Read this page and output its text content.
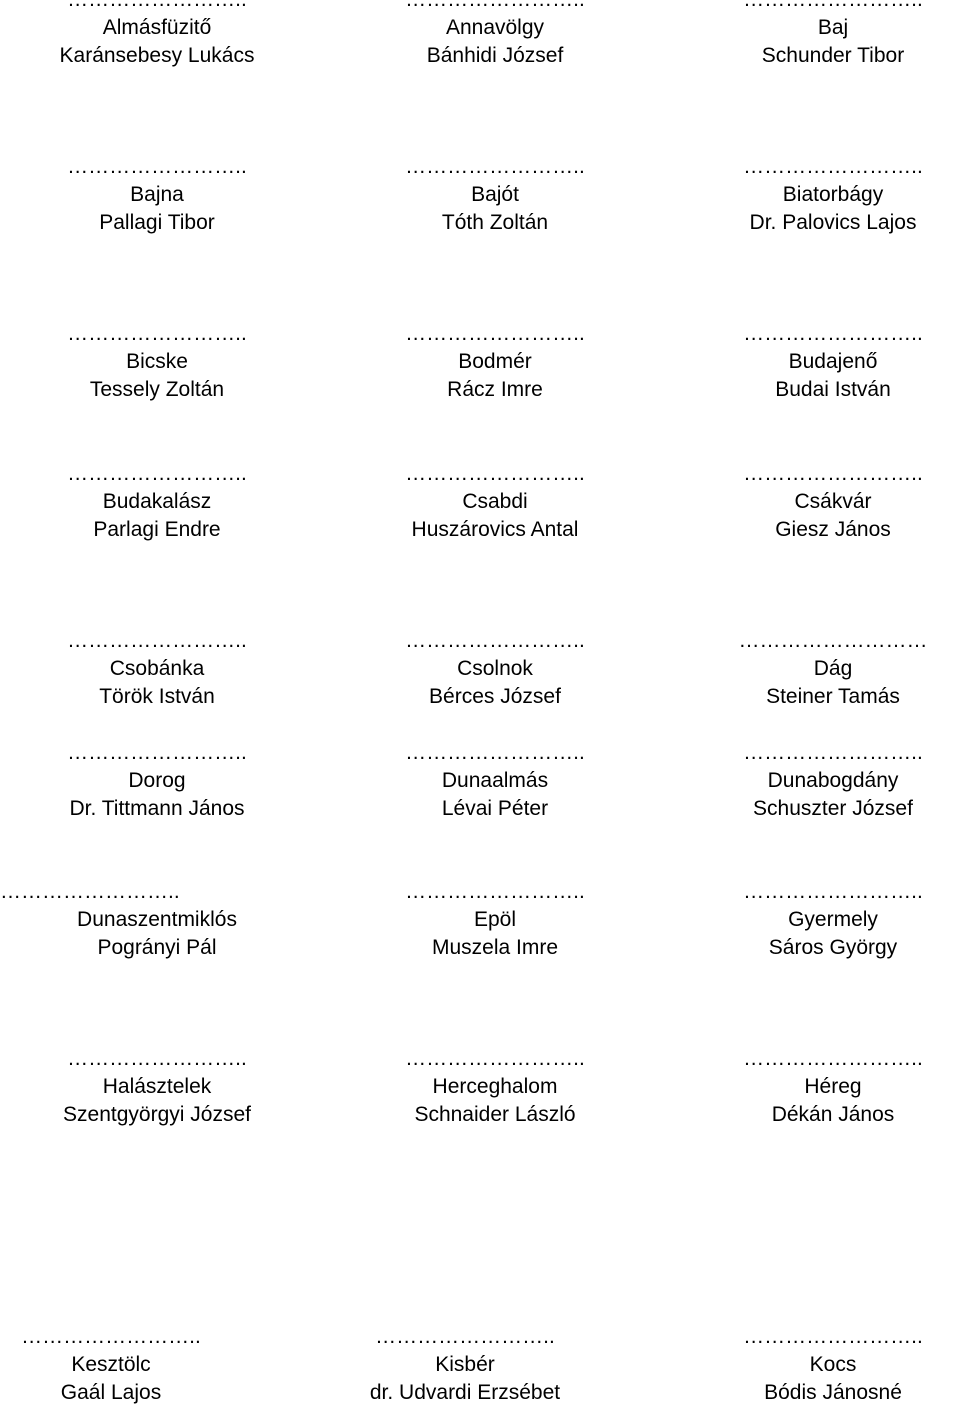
Almásfüzitő
Karánsebesy Lukács
Annavölgy
Bánhidi József
Baj
Schunder Tibor
……………………..
Bajna
Pallagi Tibor
……………………..
Bajót
Tóth Zoltán
……………………..
Biatorbágy
Dr. Palovics Lajos
……………………..
Bicske
Tessely Zoltán
……………………..
Bodmér
Rácz Imre
……………………..
Budajenő
Budai István
……………………..
Budakalász
Parlagi Endre
……………………..
Csabdi
Huszárovics Antal
……………………..
Csákvár
Giesz János
……………………..
Csobánka
Török István
……………………..
Csolnok
Bérces József
………………………
Dág
Steiner Tamás
……………………..
Dorog
Dr. Tittmann János
……………………..
Dunaalmás
Lévai Péter
……………………..
Dunabogdány
Schuszter József
……………………..
Dunaszentmiklós
Pogrányi Pál
……………………..
Epöl
Muszela Imre
……………………..
Gyermely
Sáros György
……………………..
Halásztelek
Szentgyörgyi József
……………………..
Herceghalom
Schnaider László
……………………..
Héreg
Dékán János
……………………..
Kesztölc
Gaál Lajos
……………………..
Kisbér
dr. Udvardi Erzsébet
……………………..
Kocs
Bódis Jánosné
